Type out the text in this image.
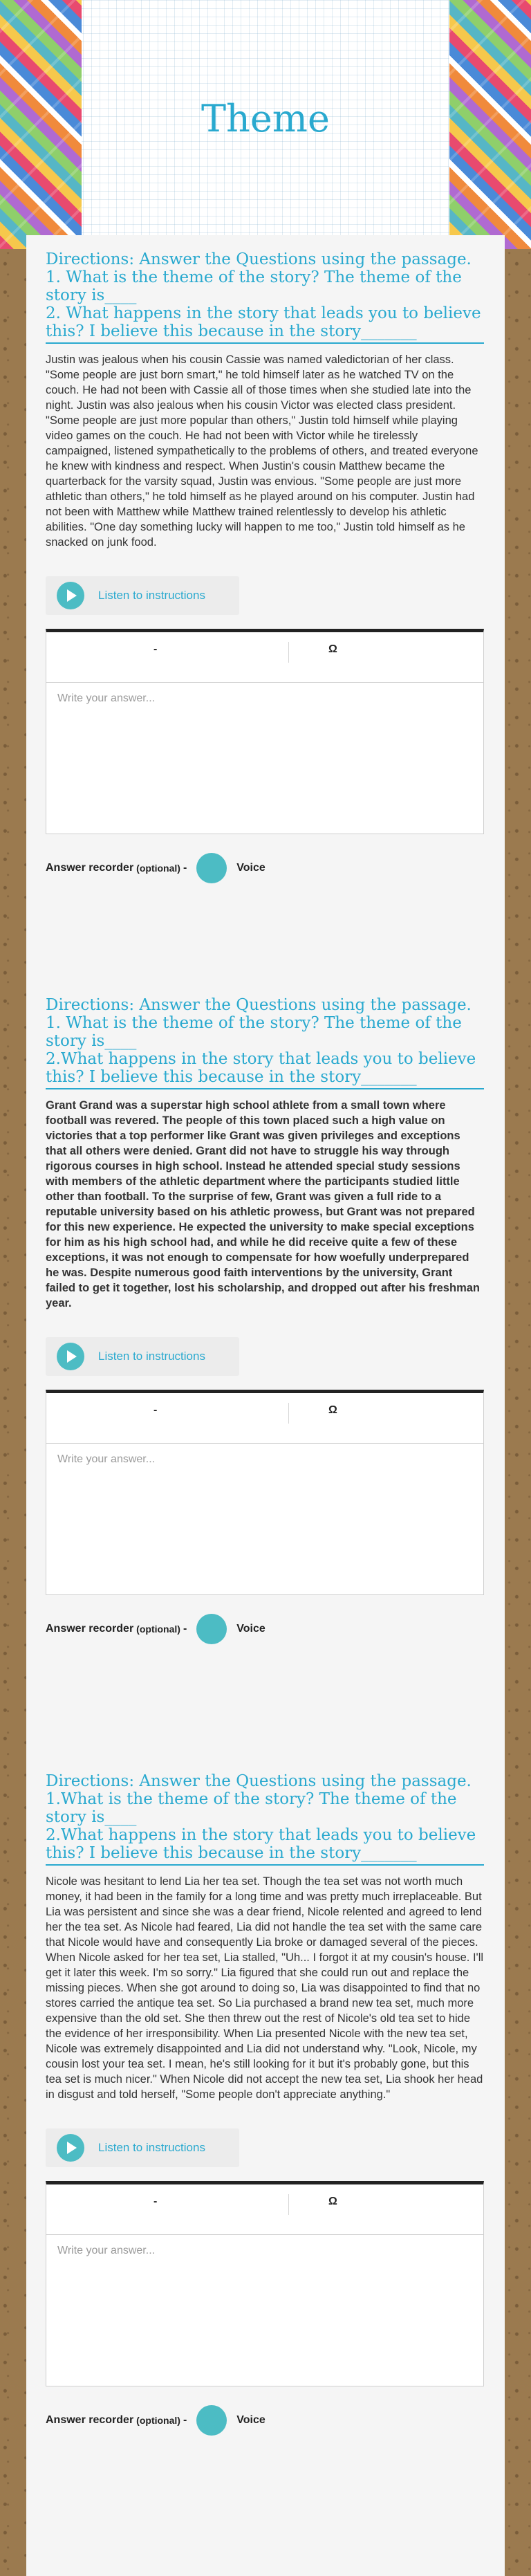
Theme

Directions: Answer the Questions using the passage.

1. What is the theme of the story? The theme of the story is____

2. What happens in the story that leads you to believe this? I believe this because in the story_______

Justin was jealous when his cousin Cassie was named valedictorian of her class. "Some people are just born smart," he told himself later as he watched TV on the couch. He had not been with Cassie all of those times when she studied late into the night. Justin was also jealous when his cousin Victor was elected class president. "Some people are just more popular than others," Justin told himself while playing video games on the couch. He had not been with Victor while he tirelessly campaigned, listened sympathetically to the problems of others, and treated everyone he knew with kindness and respect. When Justin's cousin Matthew became the quarterback for the varsity squad, Justin was envious. "Some people are just more athletic than others," he told himself as he played around on his computer. Justin had not been with Matthew while Matthew trained relentlessly to develop his athletic abilities. "One day something lucky will happen to me too," Justin told himself as he snacked on junk food.

Listen to instructions
-	Ω
Write your answer...
Answer recorder (optional) -	Voice

Directions: Answer the Questions using the passage.

1. What is the theme of the story? The theme of the story is____

2.What happens in the story that leads you to believe this? I believe this because in the story_______

Grant Grand was a superstar high school athlete from a small town where football was revered. The people of this town placed such a high value on victories that a top performer like Grant was given privileges and exceptions that all others were denied. Grant did not have to struggle his way through rigorous courses in high school. Instead he attended special study sessions with members of the athletic department where the participants studied little other than football. To the surprise of few, Grant was given a full ride to a reputable university based on his athletic prowess, but Grant was not prepared for this new experience. He expected the university to make special exceptions for him as his high school had, and while he did receive quite a few of these exceptions, it was not enough to compensate for how woefully underprepared he was. Despite numerous good faith interventions by the university, Grant failed to get it together, lost his scholarship, and dropped out after his freshman year.

Listen to instructions
-	Ω
Write your answer...
Answer recorder (optional) -	Voice

Directions: Answer the Questions using the passage.

1.What is the theme of the story? The theme of the story is____

2.What happens in the story that leads you to believe this? I believe this because in the story_______

Nicole was hesitant to lend Lia her tea set. Though the tea set was not worth much money, it had been in the family for a long time and was pretty much irreplaceable. But Lia was persistent and since she was a dear friend, Nicole relented and agreed to lend her the tea set. As Nicole had feared, Lia did not handle the tea set with the same care that Nicole would have and consequently Lia broke or damaged several of the pieces. When Nicole asked for her tea set, Lia stalled, "Uh... I forgot it at my cousin's house. I'll get it later this week. I'm so sorry." Lia figured that she could run out and replace the missing pieces. When she got around to doing so, Lia was disappointed to find that no stores carried the antique tea set. So Lia purchased a brand new tea set, much more expensive than the old set. She then threw out the rest of Nicole's old tea set to hide the evidence of her irresponsibility. When Lia presented Nicole with the new tea set, Nicole was extremely disappointed and Lia did not understand why. "Look, Nicole, my cousin lost your tea set. I mean, he's still looking for it but it's probably gone, but this tea set is much nicer." When Nicole did not accept the new tea set, Lia shook her head in disgust and told herself, "Some people don't appreciate anything."

Listen to instructions
-	Ω
Write your answer...
Answer recorder (optional) -	Voice
